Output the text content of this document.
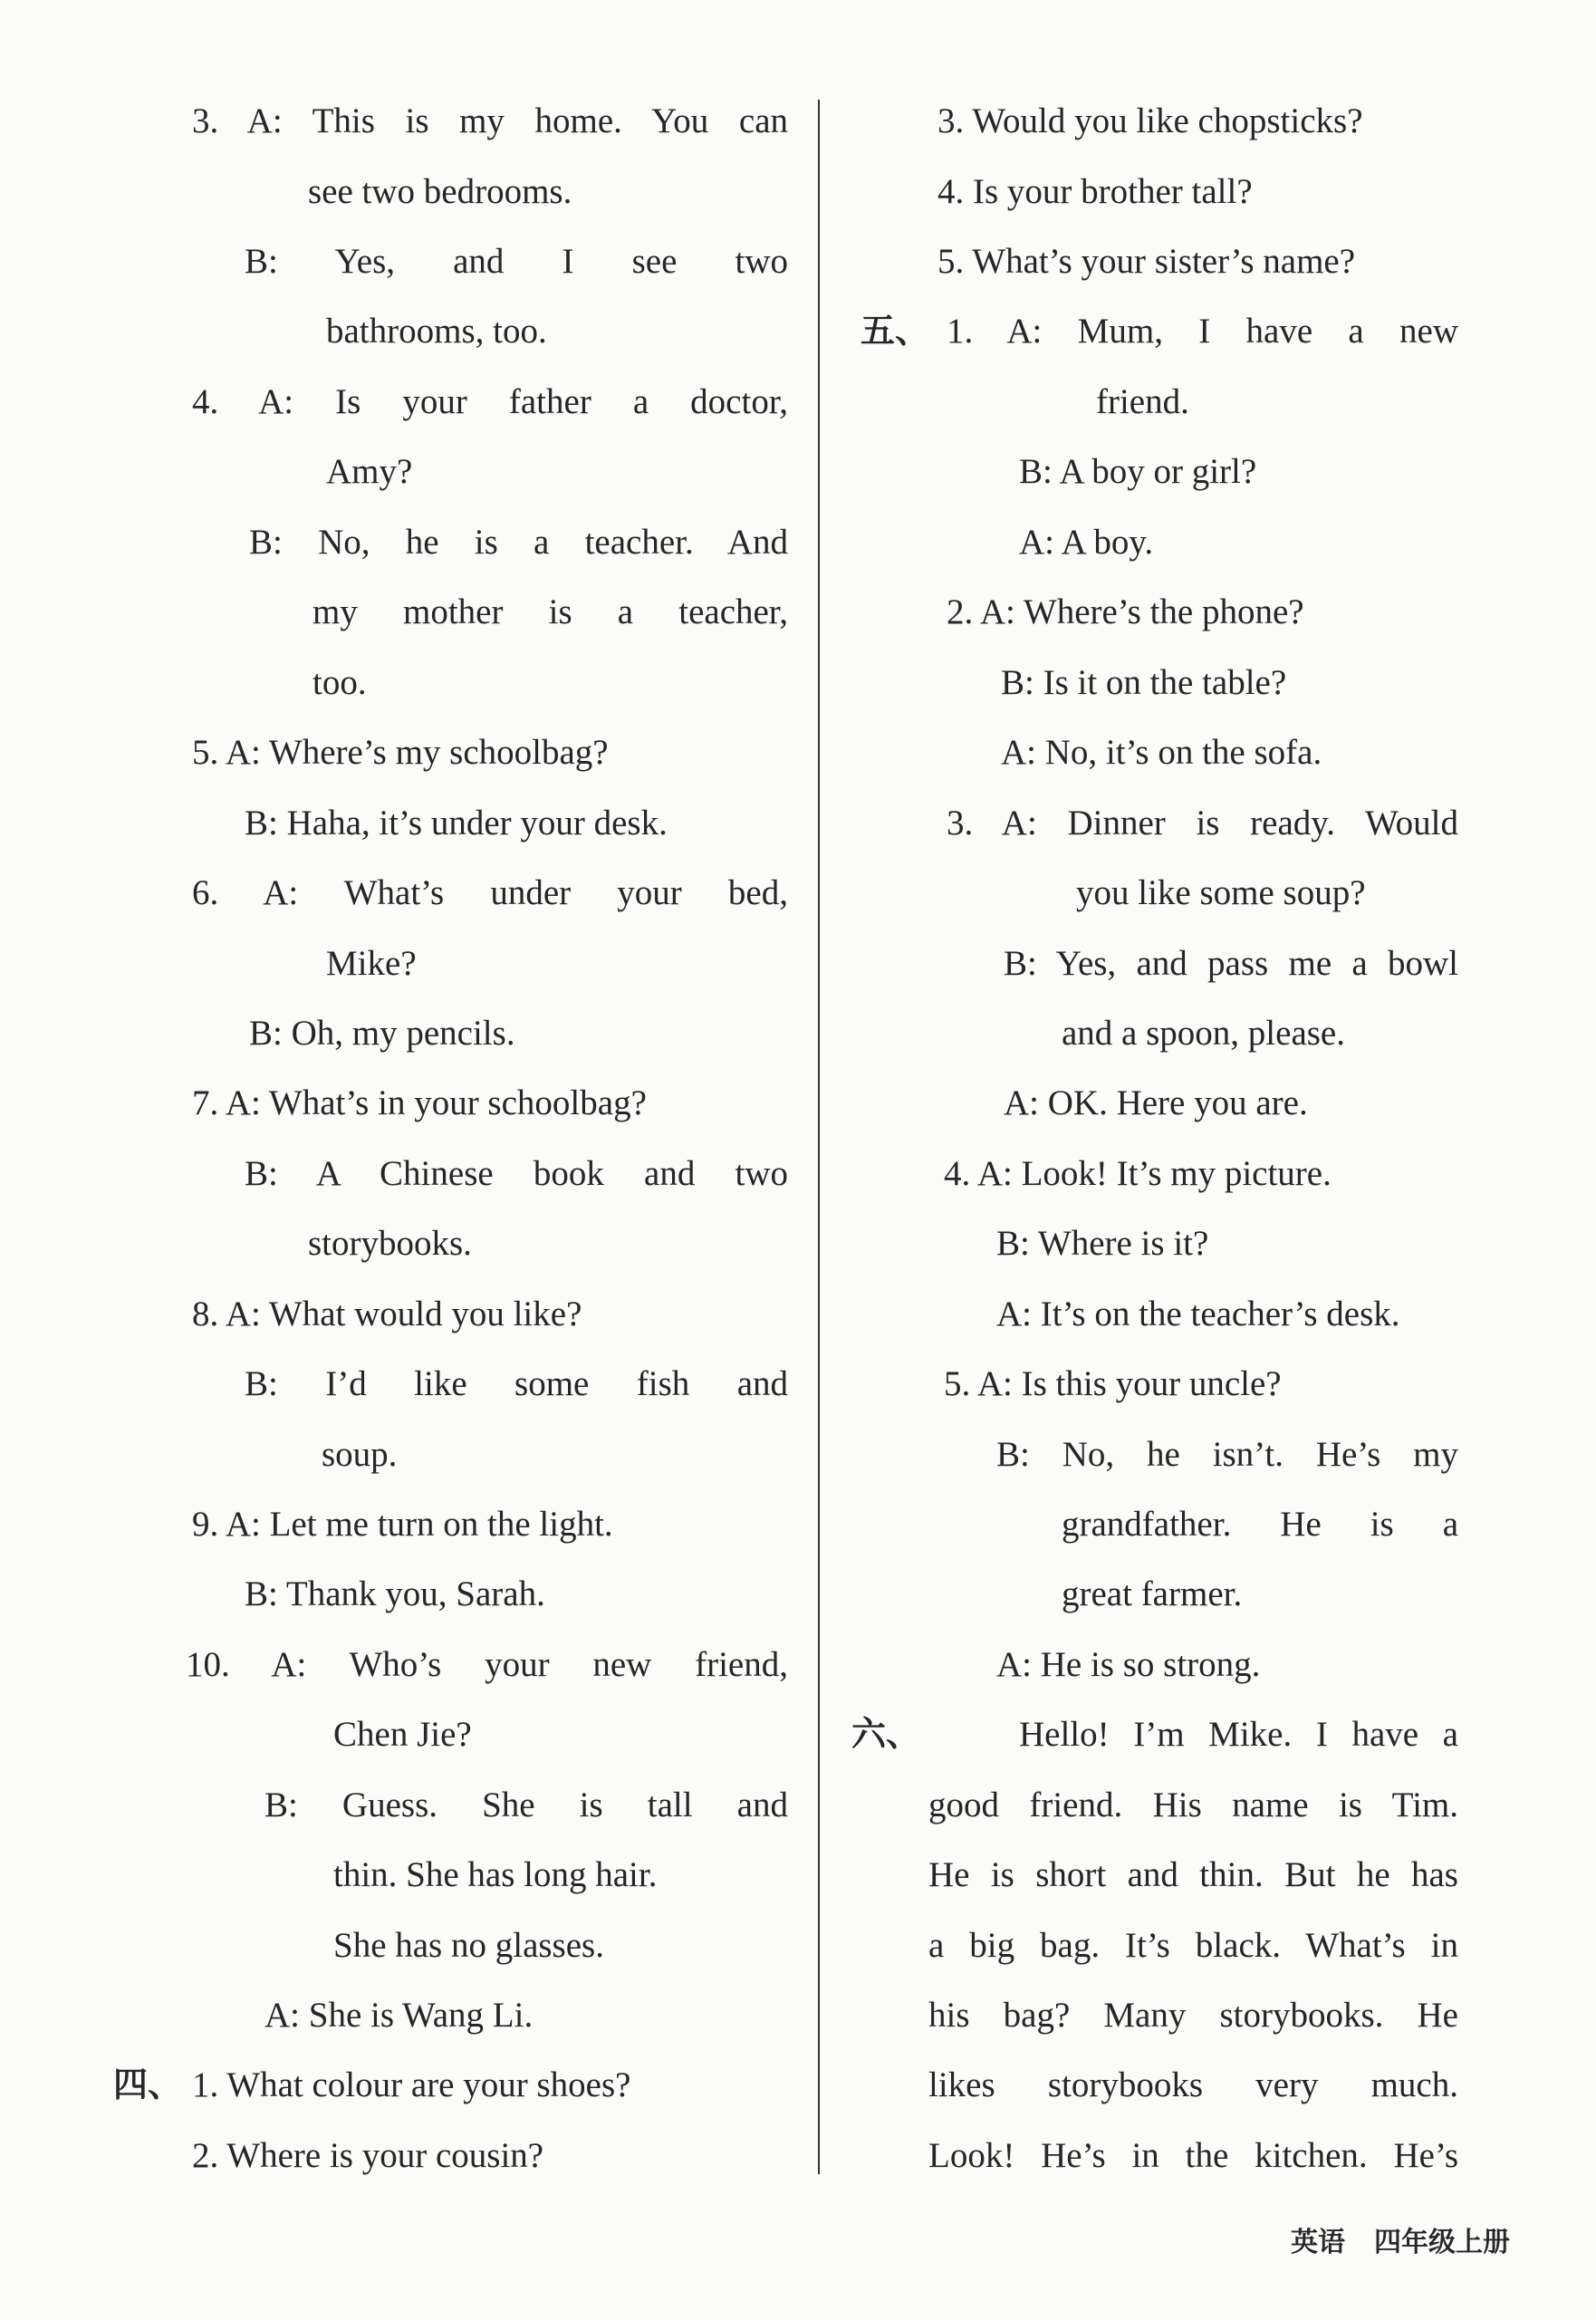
3. A: This is my home. You can
see two bedrooms.
B: Yes, and I see two
bathrooms, too.
4. A: Is your father a doctor,
Amy?
B: No, he is a teacher. And
my mother is a teacher,
too.
5. A: Where’s my schoolbag?
B: Haha, it’s under your desk.
6. A: What’s under your bed,
Mike?
B: Oh, my pencils.
7. A: What’s in your schoolbag?
B: A Chinese book and two
storybooks.
8. A: What would you like?
B: I’d like some fish and
soup.
9. A: Let me turn on the light.
B: Thank you, Sarah.
10. A: Who’s your new friend,
Chen Jie?
B: Guess. She is tall and
thin. She has long hair.
She has no glasses.
A: She is Wang Li.
四、 1. What colour are your shoes?
2. Where is your cousin?
3. Would you like chopsticks?
4. Is your brother tall?
5. What’s your sister’s name?
五、 1. A: Mum, I have a new
friend.
B: A boy or girl?
A: A boy.
2. A: Where’s the phone?
B: Is it on the table?
A: No, it’s on the sofa.
3. A: Dinner is ready. Would
you like some soup?
B: Yes, and pass me a bowl
and a spoon, please.
A: OK. Here you are.
4. A: Look! It’s my picture.
B: Where is it?
A: It’s on the teacher’s desk.
5. A: Is this your uncle?
B: No, he isn’t. He’s my
grandfather. He is a
great farmer.
A: He is so strong.
六、	Hello! I’m Mike. I have a
good friend. His name is Tim.
He is short and thin. But he has
a big bag. It’s black. What’s in
his bag? Many storybooks. He
likes storybooks very much.
Look! He’s in the kitchen. He’s
英语 四年级上册
